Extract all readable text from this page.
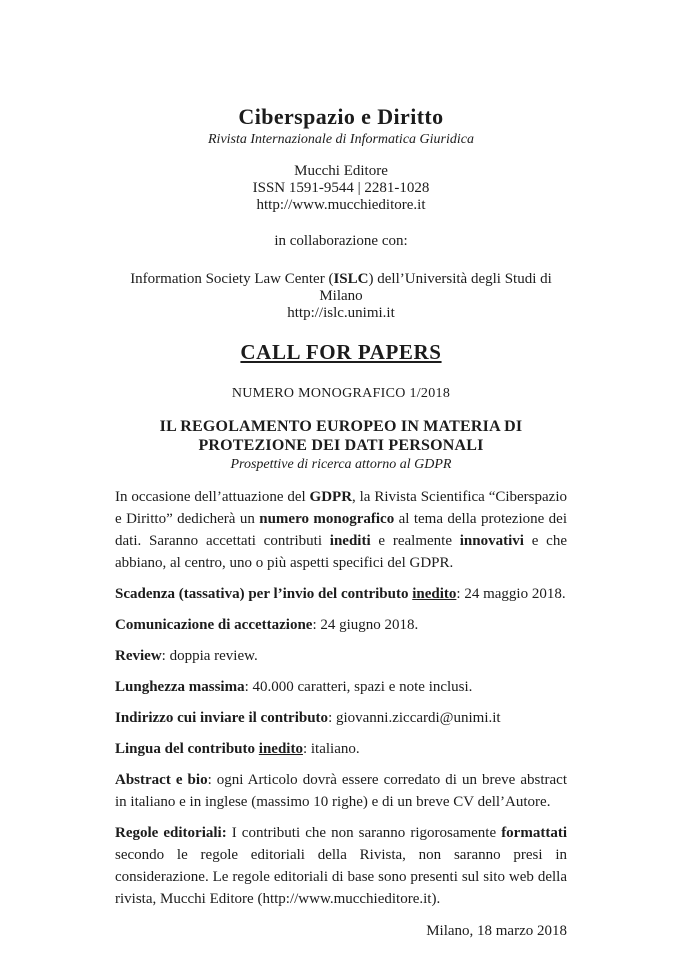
Ciberspazio e Diritto
Rivista Internazionale di Informatica Giuridica
Mucchi Editore
ISSN 1591-9544 | 2281-1028
http://www.mucchieditore.it
in collaborazione con:
Information Society Law Center (ISLC) dell’Università degli Studi di Milano
http://islc.unimi.it
CALL FOR PAPERS
NUMERO MONOGRAFICO 1/2018
IL REGOLAMENTO EUROPEO IN MATERIA DI PROTEZIONE DEI DATI PERSONALI
Prospettive di ricerca attorno al GDPR

In occasione dell’attuazione del GDPR, la Rivista Scientifica “Ciberspazio e Diritto” dedicherà un numero monografico al tema della protezione dei dati. Saranno accettati contributi inediti e realmente innovativi e che abbiano, al centro, uno o più aspetti specifici del GDPR.

Scadenza (tassativa) per l’invio del contributo inedito: 24 maggio 2018.

Comunicazione di accettazione: 24 giugno 2018.

Review: doppia review.

Lunghezza massima: 40.000 caratteri, spazi e note inclusi.

Indirizzo cui inviare il contributo: giovanni.ziccardi@unimi.it

Lingua del contributo inedito: italiano.

Abstract e bio: ogni Articolo dovrà essere corredato di un breve abstract in italiano e in inglese (massimo 10 righe) e di un breve CV dell’Autore.

Regole editoriali: I contributi che non saranno rigorosamente formattati secondo le regole editoriali della Rivista, non saranno presi in considerazione. Le regole editoriali di base sono presenti sul sito web della rivista, Mucchi Editore (http://www.mucchieditore.it).

Milano, 18 marzo 2018
